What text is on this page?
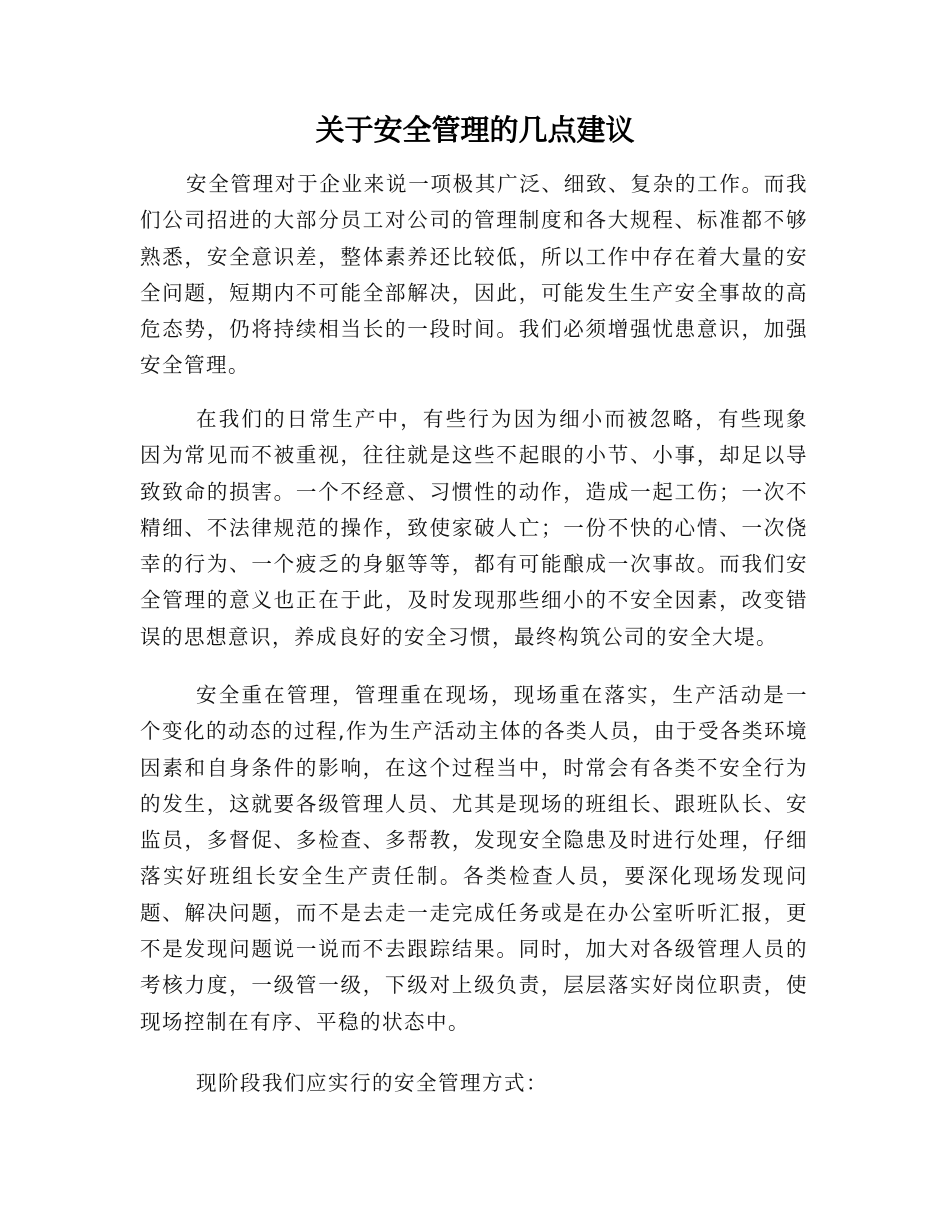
关于安全管理的几点建议

安全管理对于企业来说一项极其广泛、细致、复杂的工作。而我们公司招进的大部分员工对公司的管理制度和各大规程、标准都不够熟悉，安全意识差，整体素养还比较低，所以工作中存在着大量的安全问题，短期内不可能全部解决，因此，可能发生生产安全事故的高危态势，仍将持续相当长的一段时间。我们必须增强忧患意识，加强安全管理。

在我们的日常生产中，有些行为因为细小而被忽略，有些现象因为常见而不被重视，往往就是这些不起眼的小节、小事，却足以导致致命的损害。一个不经意、习惯性的动作，造成一起工伤；一次不精细、不法律规范的操作，致使家破人亡；一份不快的心情、一次侥幸的行为、一个疲乏的身躯等等，都有可能酿成一次事故。而我们安全管理的意义也正在于此，及时发现那些细小的不安全因素，改变错误的思想意识，养成良好的安全习惯，最终构筑公司的安全大堤。

安全重在管理，管理重在现场，现场重在落实，生产活动是一个变化的动态的过程,作为生产活动主体的各类人员，由于受各类环境因素和自身条件的影响，在这个过程当中，时常会有各类不安全行为的发生，这就要各级管理人员、尤其是现场的班组长、跟班队长、安监员，多督促、多检查、多帮教，发现安全隐患及时进行处理，仔细落实好班组长安全生产责任制。各类检查人员，要深化现场发现问题、解决问题，而不是去走一走完成任务或是在办公室听听汇报，更不是发现问题说一说而不去跟踪结果。同时，加大对各级管理人员的考核力度，一级管一级，下级对上级负责，层层落实好岗位职责，使现场控制在有序、平稳的状态中。

现阶段我们应实行的安全管理方式：
